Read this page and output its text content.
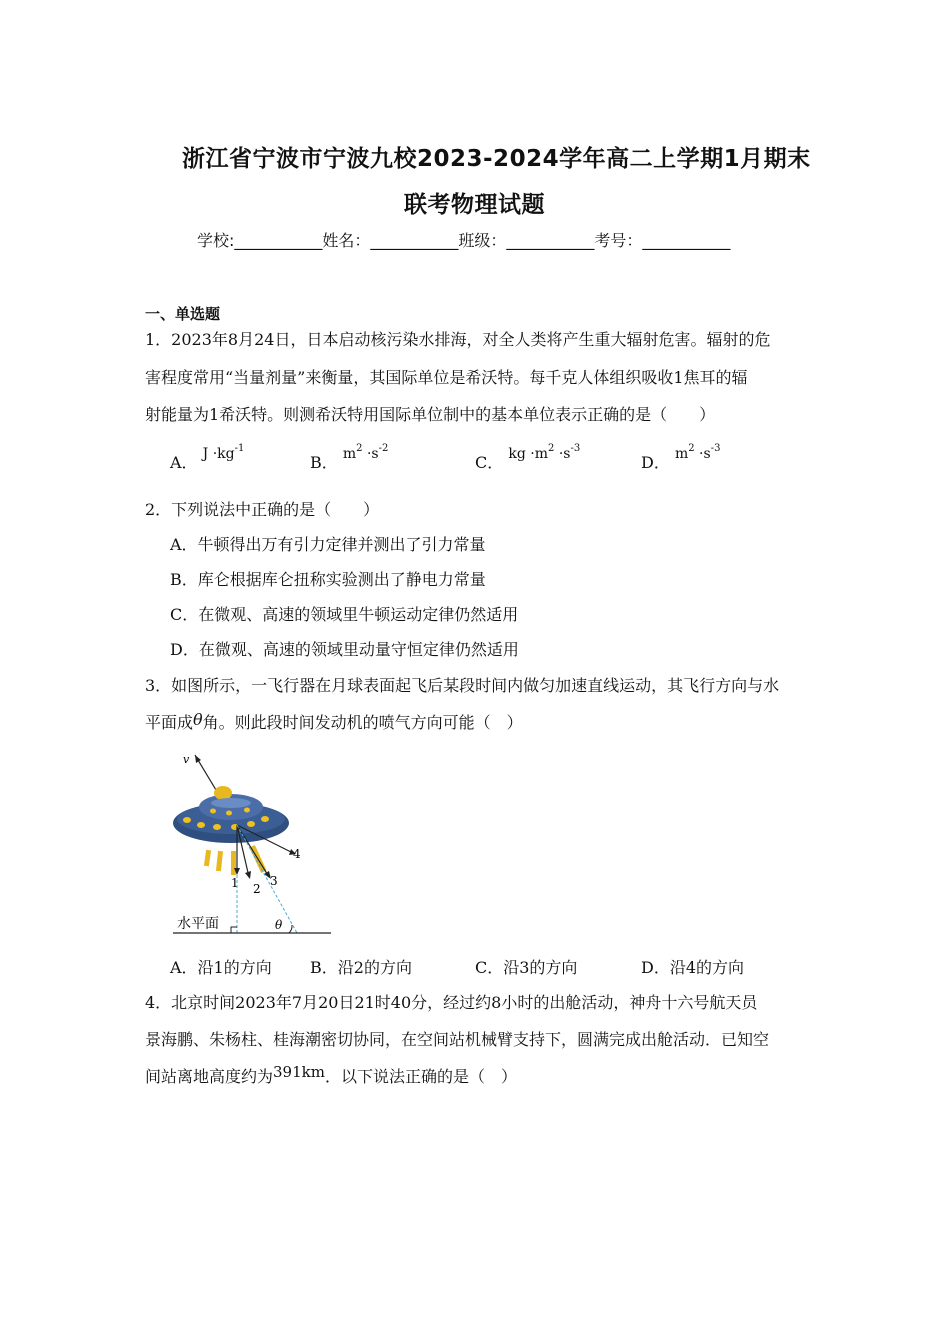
浙江省宁波市宁波九校2023-2024学年高二上学期1月期末
联考物理试题
学校:___________姓名：___________班级：___________考号：___________
一、单选题
1．2023年8月24日，日本启动核污染水排海，对全人类将产生重大辐射危害。辐射的危
害程度常用“当量剂量”来衡量，其国际单位是希沃特。每千克人体组织吸收1焦耳的辐
射能量为1希沃特。则测希沃特用国际单位制中的基本单位表示正确的是（　　）
A． $J \cdot kg^{-1}$
B． $m^2 \cdot s^{-2}$
C． kg $\cdot m^2 \cdot s^{-3}$
D． $m^2 \cdot s^{-3}$
2．下列说法中正确的是（　　）
A．牛顿得出万有引力定律并测出了引力常量
B．库仑根据库仑扭称实验测出了静电力常量
C．在微观、高速的领域里牛顿运动定律仍然适用
D．在微观、高速的领域里动量守恒定律仍然适用
3．如图所示，一飞行器在月球表面起飞后某段时间内做匀加速直线运动，其飞行方向与水
平面成θ角。则此段时间发动机的喷气方向可能（　）
v
1 2
3
4
θ
水平面
A．沿1的方向 B．沿2的方向	C．沿3的方向	D．沿4的方向
4．北京时间2023年7月20日21时40分，经过约8小时的出舱活动，神舟十六号航天员
景海鹏、朱杨柱、桂海潮密切协同，在空间站机械臂支持下，圆满完成出舱活动．已知空
间站离地高度约为391km．以下说法正确的是（　）
